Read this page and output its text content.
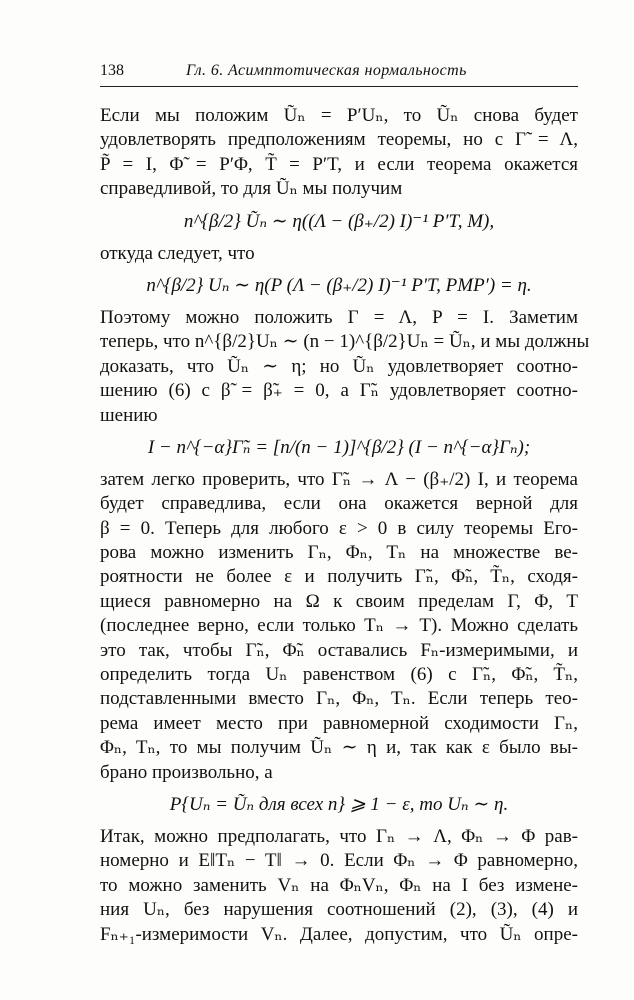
138	Гл. 6. Асимптотическая нормальность
Если мы положим Ũₙ = P′Uₙ, то Ũₙ снова будет
удовлетворять предположениям теоремы, но с Γ̃ = Λ,
P̃ = I, Φ̃ = P′Φ, T̃ = P′T, и если теорема окажется
справедливой, то для Ũₙ мы получим
n^{β/2} Ũₙ ∼ η((Λ − (β₊/2) I)⁻¹ P′T, M),
откуда следует, что
n^{β/2} Uₙ ∼ η(P (Λ − (β₊/2) I)⁻¹ P′T, PMP′) = η.
Поэтому можно положить Γ = Λ, P = I. Заметим
теперь, что n^{β/2}Uₙ ∼ (n − 1)^{β/2}Uₙ = Ũₙ, и мы должны
доказать, что Ũₙ ∼ η; но Ũₙ удовлетворяет соотно-
шению (6) с β̃ = β̃₊ = 0, а Γ̃ₙ удовлетворяет соотно-
шению
I − n^{−α}Γ̃ₙ = [n/(n − 1)]^{β/2} (I − n^{−α}Γₙ);
затем легко проверить, что Γ̃ₙ → Λ − (β₊/2) I, и теорема
будет справедлива, если она окажется верной для
β = 0. Теперь для любого ε > 0 в силу теоремы Его-
рова можно изменить Γₙ, Φₙ, Tₙ на множестве ве-
роятности не более ε и получить Γ̃ₙ, Φ̃ₙ, T̃ₙ, сходя-
щиеся равномерно на Ω к своим пределам Γ, Φ, T
(последнее верно, если только Tₙ → T). Можно сделать
это так, чтобы Γ̃ₙ, Φ̃ₙ оставались Fₙ-измеримыми, и
определить тогда Uₙ равенством (6) с Γ̃ₙ, Φ̃ₙ, T̃ₙ,
подставленными вместо Γₙ, Φₙ, Tₙ. Если теперь тео-
рема имеет место при равномерной сходимости Γₙ,
Φₙ, Tₙ, то мы получим Ũₙ ∼ η и, так как ε было вы-
брано произвольно, а
P{Uₙ = Ũₙ для всех n} ⩾ 1 − ε, то Uₙ ∼ η.
Итак, можно предполагать, что Γₙ → Λ, Φₙ → Φ рав-
номерно и E‖Tₙ − T‖ → 0. Если Φₙ → Φ равномерно,
то можно заменить Vₙ на ΦₙVₙ, Φₙ на I без измене-
ния Uₙ, без нарушения соотношений (2), (3), (4) и
Fₙ₊₁-измеримости Vₙ. Далее, допустим, что Ũₙ опре-
